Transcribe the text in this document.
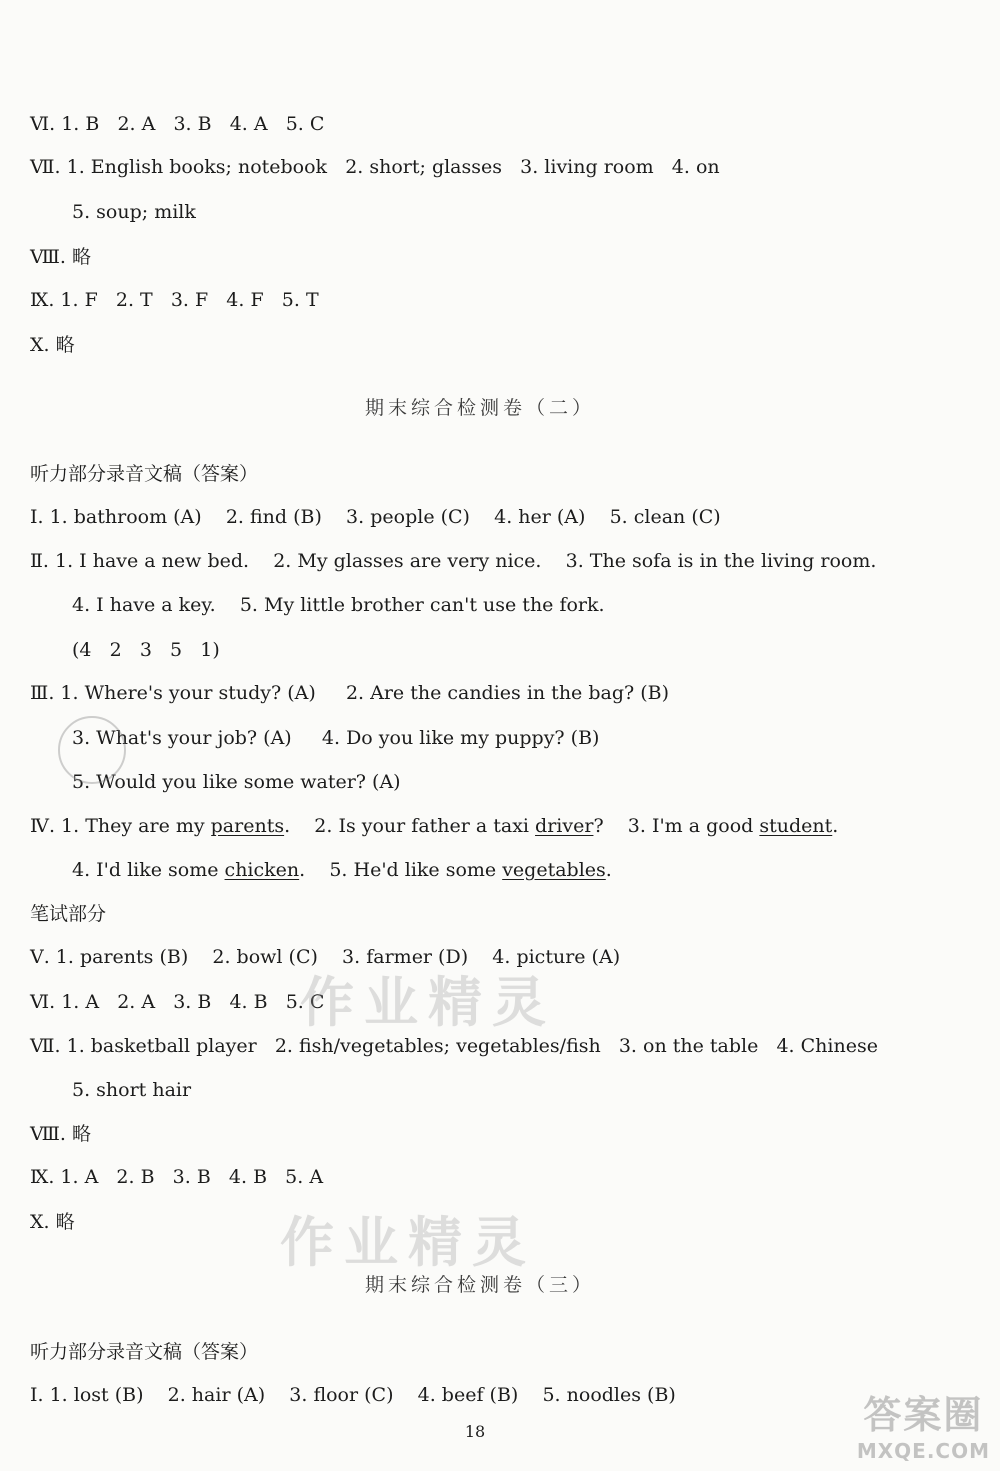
Ⅵ. 1. B   2. A   3. B   4. A   5. C
Ⅶ. 1. English books; notebook   2. short; glasses   3. living room   4. on
5. soup; milk
Ⅷ. 略
Ⅸ. 1. F   2. T   3. F   4. F   5. T
Ⅹ. 略
期末综合检测卷（二）
听力部分录音文稿（答案）
Ⅰ. 1. bathroom (A)    2. find (B)    3. people (C)    4. her (A)    5. clean (C)
Ⅱ. 1. I have a new bed.    2. My glasses are very nice.    3. The sofa is in the living room.
4. I have a key.    5. My little brother can't use the fork.
(4   2   3   5   1)
Ⅲ. 1. Where's your study? (A)     2. Are the candies in the bag? (B)
3. What's your job? (A)     4. Do you like my puppy? (B)
5. Would you like some water? (A)
Ⅳ. 1. They are my parents.    2. Is your father a taxi driver?    3. I'm a good student.
4. I'd like some chicken.    5. He'd like some vegetables.
笔试部分
Ⅴ. 1. parents (B)    2. bowl (C)    3. farmer (D)    4. picture (A)
Ⅵ. 1. A   2. A   3. B   4. B   5. C
Ⅶ. 1. basketball player   2. fish/vegetables; vegetables/fish   3. on the table   4. Chinese
5. short hair
Ⅷ. 略
Ⅸ. 1. A   2. B   3. B   4. B   5. A
Ⅹ. 略
期末综合检测卷（三）
听力部分录音文稿（答案）
Ⅰ. 1. lost (B)    2. hair (A)    3. floor (C)    4. beef (B)    5. noodles (B)
18
作业精灵
作业精灵
答案圈
MXQE.COM
